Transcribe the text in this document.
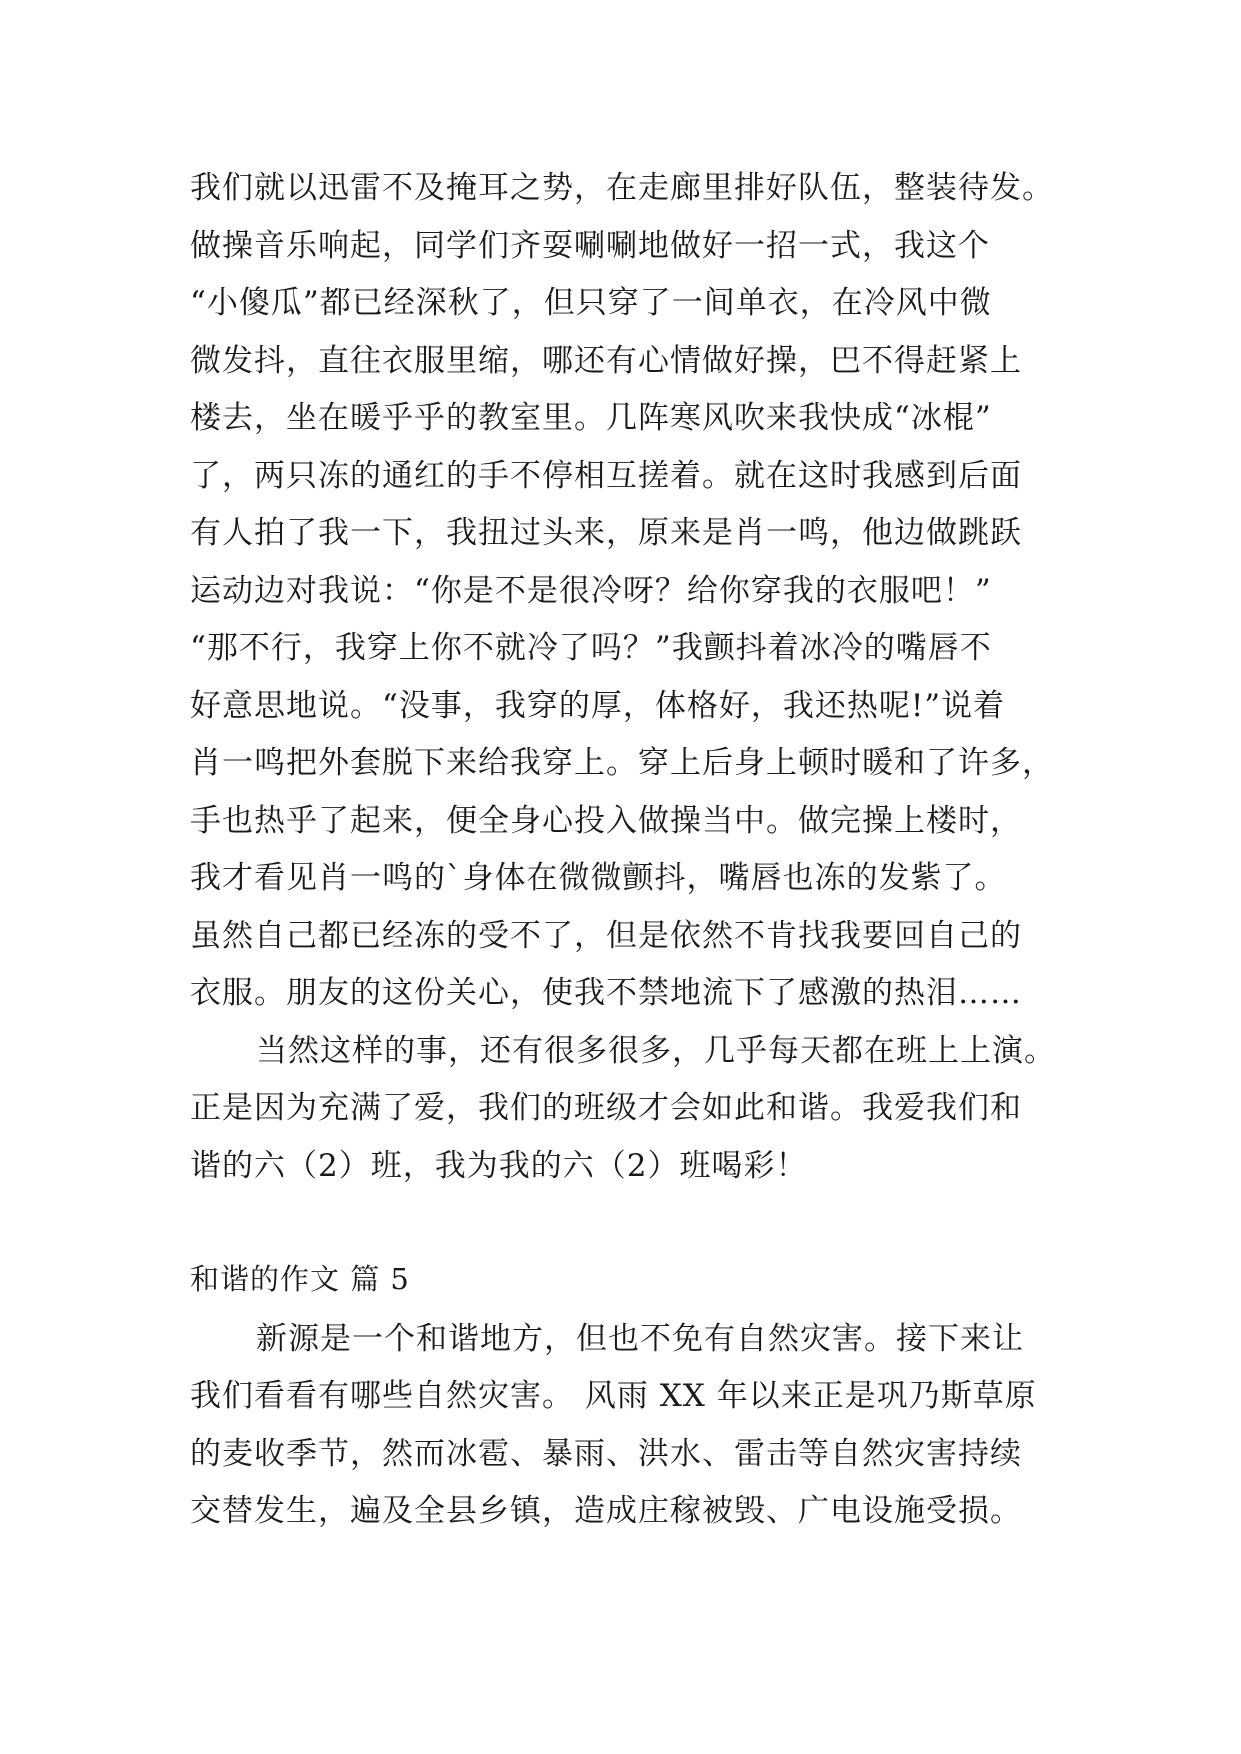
我们就以迅雷不及掩耳之势，在走廊里排好队伍，整装待发。
做操音乐响起，同学们齐耍唰唰地做好一招一式，我这个
“小傻瓜”都已经深秋了，但只穿了一间单衣，在冷风中微
微发抖，直往衣服里缩，哪还有心情做好操，巴不得赶紧上
楼去，坐在暖乎乎的教室里。几阵寒风吹来我快成“冰棍”
了，两只冻的通红的手不停相互搓着。就在这时我感到后面
有人拍了我一下，我扭过头来，原来是肖一鸣，他边做跳跃
运动边对我说：“你是不是很冷呀？给你穿我的衣服吧！”
“那不行，我穿上你不就冷了吗？”我颤抖着冰冷的嘴唇不
好意思地说。“没事，我穿的厚，体格好，我还热呢!”说着
肖一鸣把外套脱下来给我穿上。穿上后身上顿时暖和了许多，
手也热乎了起来，便全身心投入做操当中。做完操上楼时，
我才看见肖一鸣的`身体在微微颤抖，嘴唇也冻的发紫了。
虽然自己都已经冻的受不了，但是依然不肯找我要回自己的
衣服。朋友的这份关心，使我不禁地流下了感激的热泪……
当然这样的事，还有很多很多，几乎每天都在班上上演。
正是因为充满了爱，我们的班级才会如此和谐。我爱我们和
谐的六（2）班，我为我的六（2）班喝彩！
和谐的作文 篇 5
新源是一个和谐地方，但也不免有自然灾害。接下来让
我们看看有哪些自然灾害。 风雨 XX 年以来正是巩乃斯草原
的麦收季节，然而冰雹、暴雨、洪水、雷击等自然灾害持续
交替发生，遍及全县乡镇，造成庄稼被毁、广电设施受损。
